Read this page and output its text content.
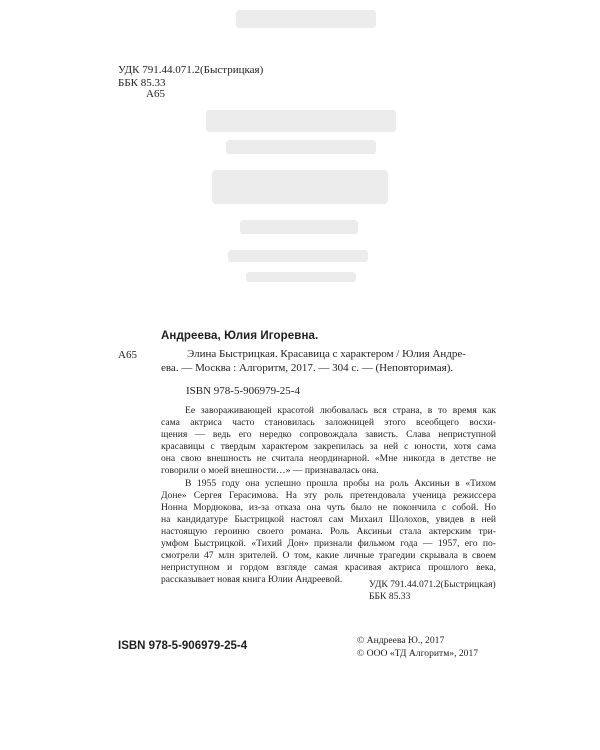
УДК 791.44.071.2(Быстрицкая)
ББК 85.33
А65
Андреева, Юлия Игоревна.
А65	Элина Быстрицкая. Красавица с характером / Юлия Андре-
ева. — Москва : Алгоритм, 2017. — 304 с. — (Неповторимая).
ISBN 978-5-906979-25-4
Ее завораживающей красотой любовалась вся страна, в то время как
сама актриса часто становилась заложницей этого всеобщего восхи-
щения — ведь его нередко сопровождала зависть. Слава неприступной
красавицы с твердым характером закрепилась за ней с юности, хотя сама
она свою внешность не считала неординарной. «Мне никогда в детстве не
говорили о моей внешности…» — признавалась она.
В 1955 году она успешно прошла пробы на роль Аксиньи в «Тихом
Доне» Сергея Герасимова. На эту роль претендовала ученица режиссера
Нонна Мордюкова, из-за отказа она чуть было не покончила с собой. Но
на кандидатуре Быстрицкой настоял сам Михаил Шолохов, увидев в ней
настоящую героиню своего романа. Роль Аксиньи стала актерским три-
умфом Быстрицкой. «Тихий Дон» признали фильмом года — 1957, его по-
смотрели 47 млн зрителей. О том, какие личные трагедии скрывала в своем
неприступном и гордом взгляде самая красивая актриса прошлого века,
рассказывает новая книга Юлии Андреевой.	УДК 791.44.071.2(Быстрицкая)
ББК 85.33
ISBN 978-5-906979-25-4	© Андреева Ю., 2017
© ООО «ТД Алгоритм», 2017
